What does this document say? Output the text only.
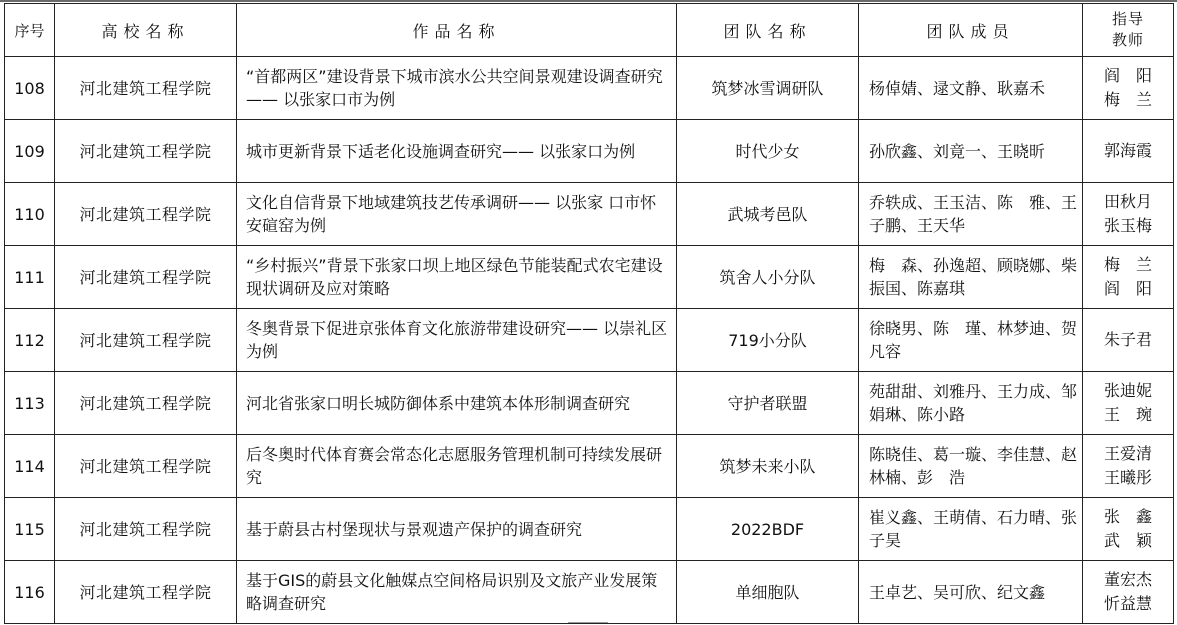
序号	高校名称	作品名称	团队名称	团队成员	指导
教师

108	河北建筑工程学院	“首都两区”建设背景下城市滨水公共空间景观建设调查研究—— 以张家口市为例	筑梦冰雪调研队	杨倬婧、逯文静、耿嘉禾	阎　阳
梅　兰

109	河北建筑工程学院	城市更新背景下适老化设施调查研究—— 以张家口为例	时代少女	孙欣鑫、刘竟一、王晓昕	郭海霞

110	河北建筑工程学院	文化自信背景下地域建筑技艺传承调研—— 以张家 口市怀安碹窑为例	武城考邑队	乔轶成、王玉洁、陈　雅、王子鹏、王天华	田秋月
张玉梅

111	河北建筑工程学院	“乡村振兴”背景下张家口坝上地区绿色节能装配式农宅建设现状调研及应对策略	筑舍人小分队	梅　森、孙逸超、顾晓娜、柴振国、陈嘉琪	梅　兰
阎　阳

112	河北建筑工程学院	冬奥背景下促进京张体育文化旅游带建设研究—— 以崇礼区为例	719小分队	徐晓男、陈　瑾、林梦迪、贺凡容	朱子君

113	河北建筑工程学院	河北省张家口明长城防御体系中建筑本体形制调查研究	守护者联盟	苑甜甜、刘雅丹、王力成、邹娟琳、陈小路	张迪妮
王　琬

114	河北建筑工程学院	后冬奥时代体育赛会常态化志愿服务管理机制可持续发展研究	筑梦未来小队	陈晓佳、葛一璇、李佳慧、赵林楠、彭　浩	王爱清
王曦彤

115	河北建筑工程学院	基于蔚县古村堡现状与景观遗产保护的调查研究	2022BDF	崔义鑫、王萌倩、石力晴、张子昊	张　鑫
武　颖

116	河北建筑工程学院	基于GIS的蔚县文化触媒点空间格局识别及文旅产业发展策略调查研究	单细胞队	王卓艺、吴可欣、纪文鑫	董宏杰
忻益慧
